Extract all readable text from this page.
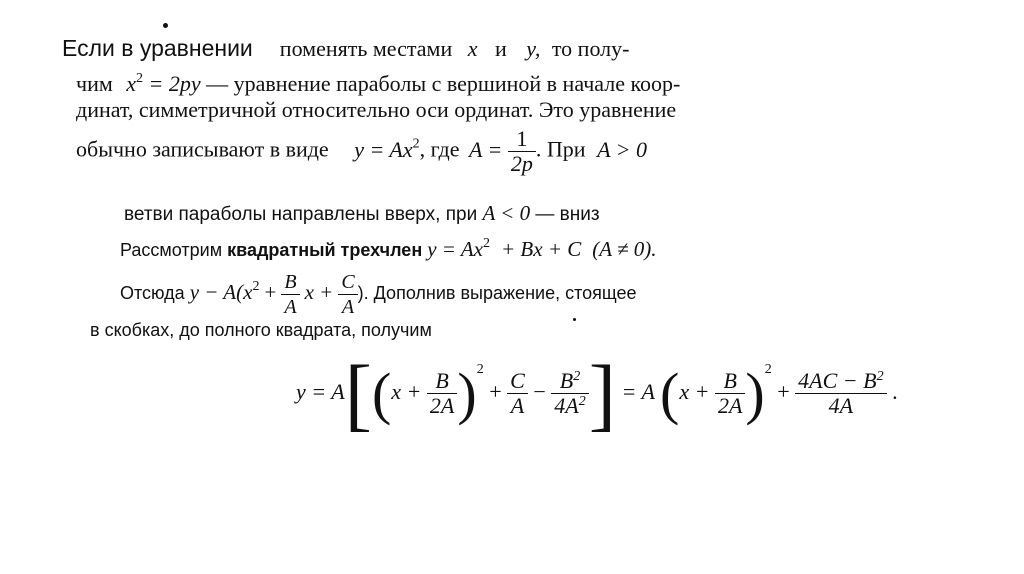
Если в уравнении поменять местами x и y, то полу-
чим $x^2 = 2py$ — уравнение параболы с вершиной в начале коор-
динат, симметричной относительно оси ординат. Это уравнение
обычно записывают в виде $y = Ax^2$, где $A = \frac{1}{2p}$ . При A > 0
ветви параболы направлены вверх, при A < 0 — вниз
Рассмотрим квадратный трехчлен $y = Ax^2 + Bx + C$ (A ≠ 0).
Отсюда $y - A(x^2 + \frac{B}{A}$ $x + \frac{C}{A}$ ). Дополнив выражение, стоящее
в скобках, до полного квадрата, получим
$y = A[(x + \frac{B}{2A} )^2 + \frac{C}{A} - \frac{B^2}{4A^2}$ ] = A $(x + \frac{B}{2A} )^2 + \frac{4AC - B^2}{4A}$ .
